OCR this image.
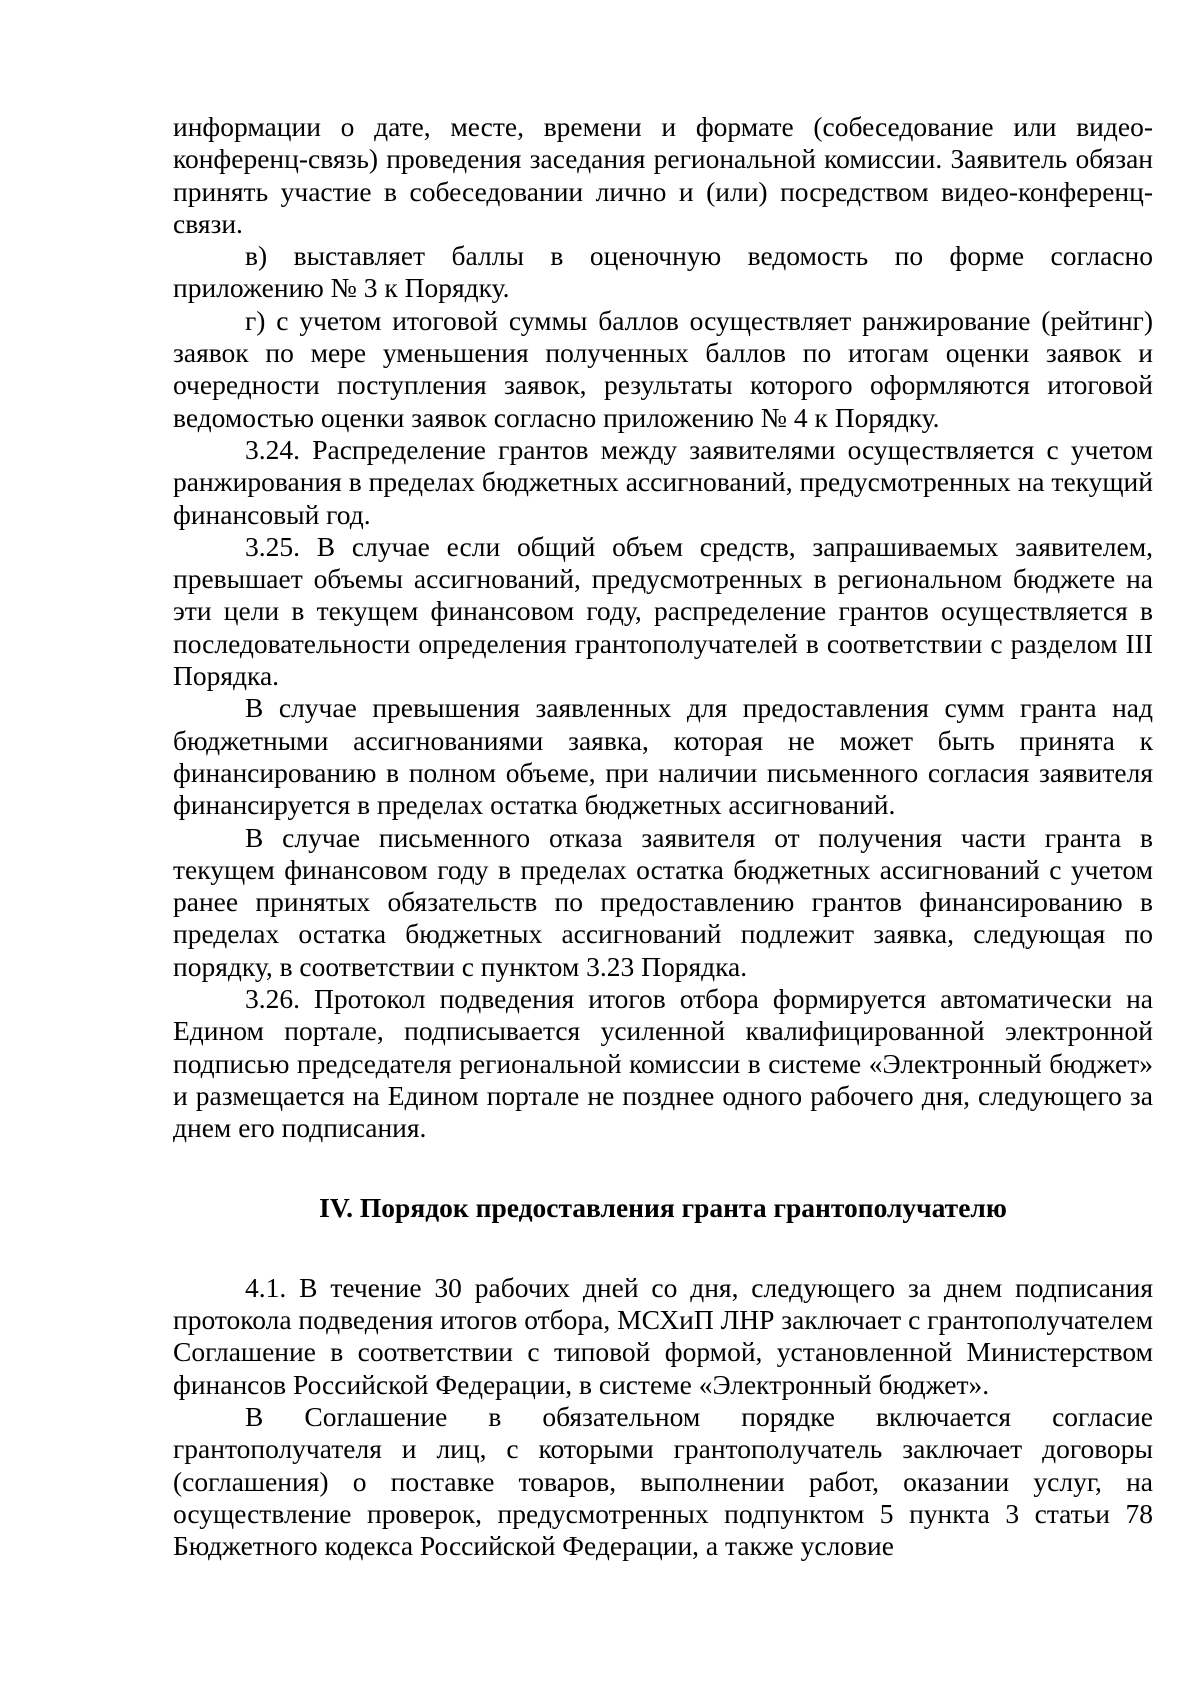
информации о дате, месте, времени и формате (собеседование или видео-конференц-связь) проведения заседания региональной комиссии. Заявитель обязан принять участие в собеседовании лично и (или) посредством видео-конференц-связи.

в) выставляет баллы в оценочную ведомость по форме согласно приложению № 3 к Порядку.

г) с учетом итоговой суммы баллов осуществляет ранжирование (рейтинг) заявок по мере уменьшения полученных баллов по итогам оценки заявок и очередности поступления заявок, результаты которого оформляются итоговой ведомостью оценки заявок согласно приложению № 4 к Порядку.

3.24. Распределение грантов между заявителями осуществляется с учетом ранжирования в пределах бюджетных ассигнований, предусмотренных на текущий финансовый год.

3.25. В случае если общий объем средств, запрашиваемых заявителем, превышает объемы ассигнований, предусмотренных в региональном бюджете на эти цели в текущем финансовом году, распределение грантов осуществляется в последовательности определения грантополучателей в соответствии с разделом III Порядка.

В случае превышения заявленных для предоставления сумм гранта над бюджетными ассигнованиями заявка, которая не может быть принята к финансированию в полном объеме, при наличии письменного согласия заявителя финансируется в пределах остатка бюджетных ассигнований.

В случае письменного отказа заявителя от получения части гранта в текущем финансовом году в пределах остатка бюджетных ассигнований с учетом ранее принятых обязательств по предоставлению грантов финансированию в пределах остатка бюджетных ассигнований подлежит заявка, следующая по порядку, в соответствии с пунктом 3.23 Порядка.

3.26. Протокол подведения итогов отбора формируется автоматически на Едином портале, подписывается усиленной квалифицированной электронной подписью председателя региональной комиссии в системе «Электронный бюджет» и размещается на Едином портале не позднее одного рабочего дня, следующего за днем его подписания.

IV. Порядок предоставления гранта грантополучателю

4.1. В течение 30 рабочих дней со дня, следующего за днем подписания протокола подведения итогов отбора, МСХиП ЛНР заключает с грантополучателем Соглашение в соответствии с типовой формой, установленной Министерством финансов Российской Федерации, в системе «Электронный бюджет».

В Соглашение в обязательном порядке включается согласие грантополучателя и лиц, с которыми грантополучатель заключает договоры (соглашения) о поставке товаров, выполнении работ, оказании услуг, на осуществление проверок, предусмотренных подпунктом 5 пункта 3 статьи 78 Бюджетного кодекса Российской Федерации, а также условие
